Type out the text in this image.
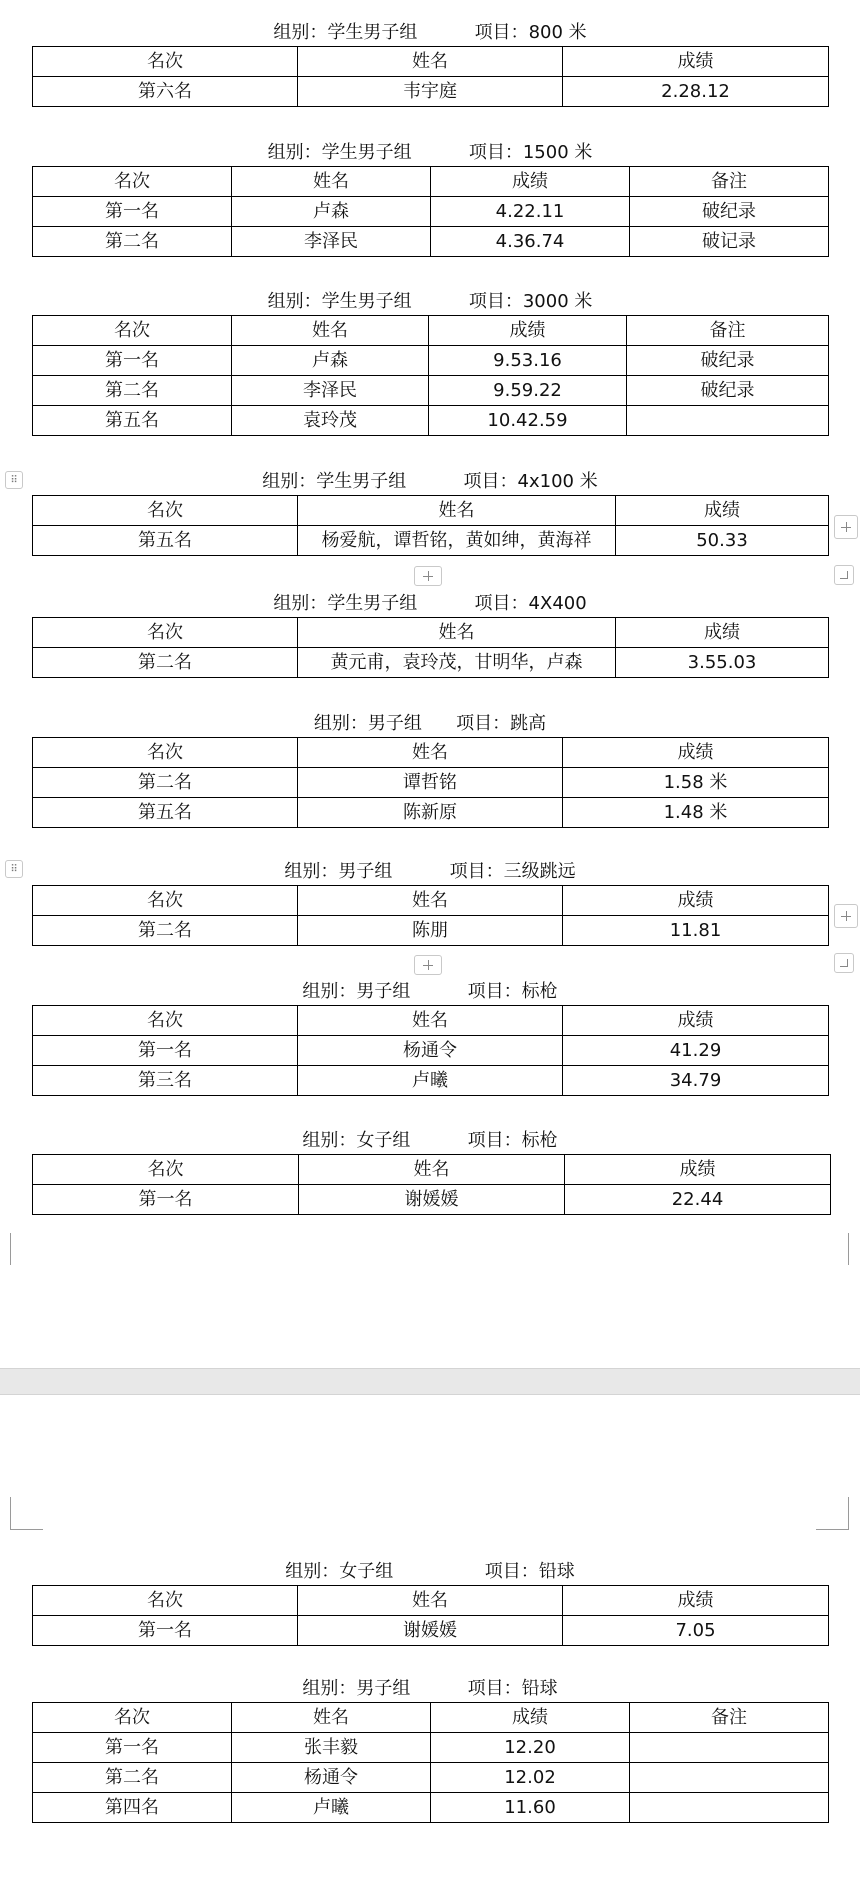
组别：学生男子组	项目：800 米
名次	姓名	成绩
第六名	韦宇庭	2.28.12
组别：学生男子组	项目：1500 米
名次	姓名	成绩	备注
第一名	卢森	4.22.11	破纪录
第二名	李泽民	4.36.74	破记录
组别：学生男子组	项目：3000 米
名次	姓名	成绩	备注
第一名	卢森	9.53.16	破纪录
第二名	李泽民	9.59.22	破纪录
第五名	袁玲茂	10.42.59	
⠿	组别：学生男子组	项目：4x100 米
名次	姓名	成绩
第五名	杨爱航，谭哲铭，黄如绅，黄海祥	50.33
组别：学生男子组	项目：4X400
名次	姓名	成绩
第二名	黄元甫，袁玲茂，甘明华，卢森	3.55.03
组别：男子组 项目：跳高
名次	姓名	成绩
第二名	谭哲铭	1.58 米
第五名	陈新原	1.48 米
⠿	组别：男子组	项目：三级跳远
名次	姓名	成绩
第二名	陈朋	11.81
组别：男子组	项目：标枪
名次	姓名	成绩
第一名	杨通令	41.29
第三名	卢曦	34.79
组别：女子组	项目：标枪
名次	姓名	成绩
第一名	谢媛媛	22.44
组别：女子组	项目：铅球
名次	姓名	成绩
第一名	谢媛媛	7.05
组别：男子组	项目：铅球
名次	姓名	成绩	备注
第一名	张丰毅	12.20	
第二名	杨通令	12.02	
第四名	卢曦	11.60	
